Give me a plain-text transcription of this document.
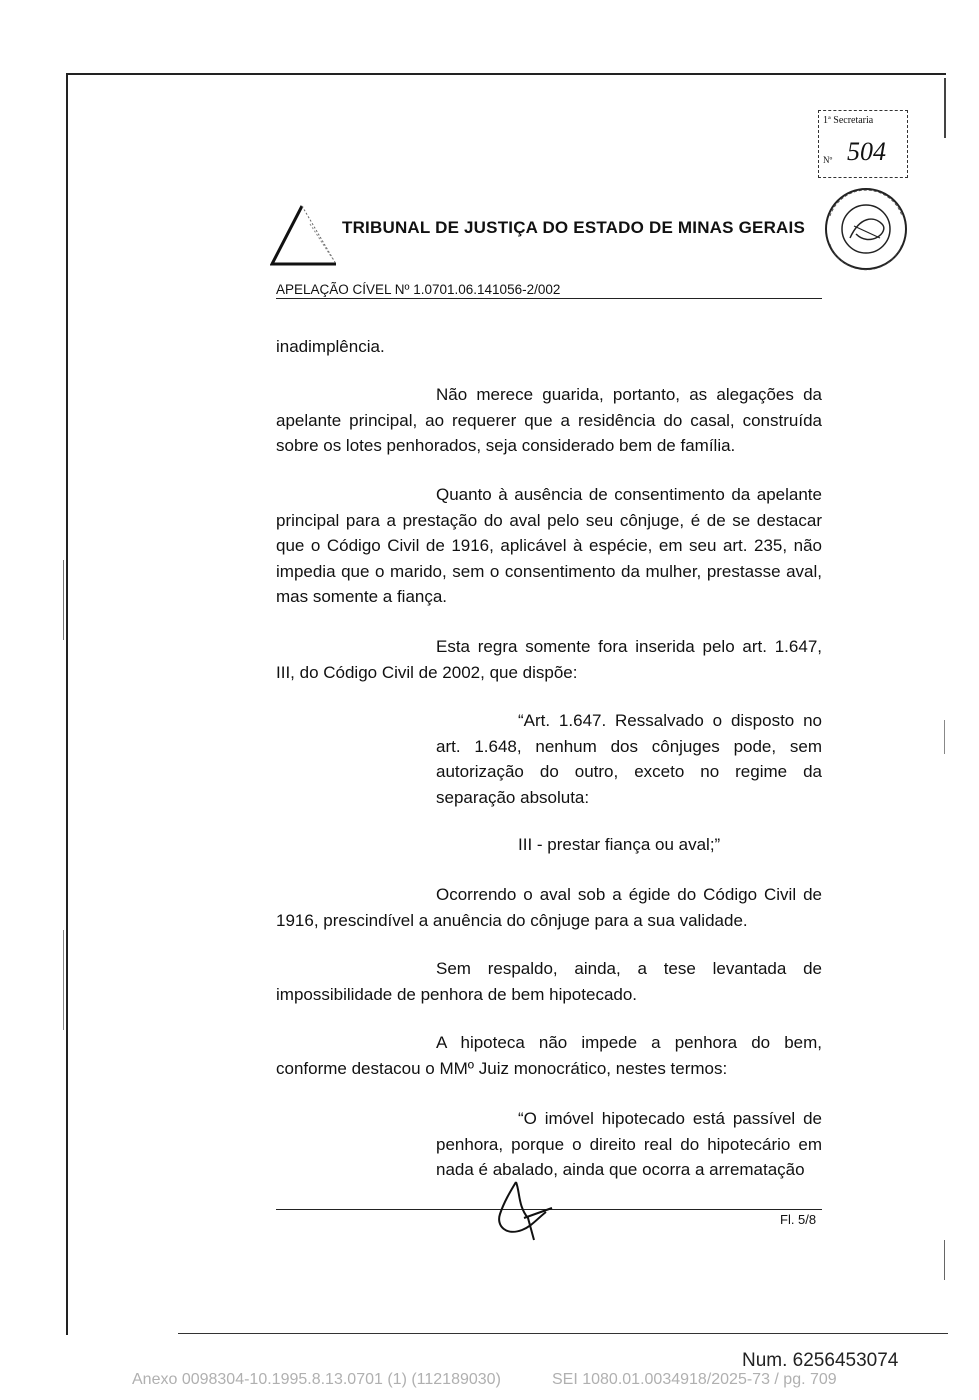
1ª Secretaria
Nº 504
TRIBUNAL DE JUSTIÇA DO ESTADO DE MINAS GERAIS
APELAÇÃO CÍVEL Nº 1.0701.06.141056-2/002

inadimplência.

Não merece guarida, portanto, as alegações da apelante principal, ao requerer que a residência do casal, construída sobre os lotes penhorados, seja considerado bem de família.

Quanto à ausência de consentimento da apelante principal para a prestação do aval pelo seu cônjuge, é de se destacar que o Código Civil de 1916, aplicável à espécie, em seu art. 235, não impedia que o marido, sem o consentimento da mulher, prestasse aval, mas somente a fiança.

Esta regra somente fora inserida pelo art. 1.647, III, do Código Civil de 2002, que dispõe:

“Art. 1.647. Ressalvado o disposto no art. 1.648, nenhum dos cônjuges pode, sem autorização do outro, exceto no regime da separação absoluta:

III - prestar fiança ou aval;”

Ocorrendo o aval sob a égide do Código Civil de 1916, prescindível a anuência do cônjuge para a sua validade.

Sem respaldo, ainda, a tese levantada de impossibilidade de penhora de bem hipotecado.

A hipoteca não impede a penhora do bem, conforme destacou o MMº Juiz monocrático, nestes termos:

“O imóvel hipotecado está passível de penhora, porque o direito real do hipotecário em nada é abalado, ainda que ocorra a arrematação

Fl. 5/8
Num. 6256453074
Anexo 0098304-10.1995.8.13.0701 (1) (112189030)	SEI 1080.01.0034918/2025-73 / pg. 709
